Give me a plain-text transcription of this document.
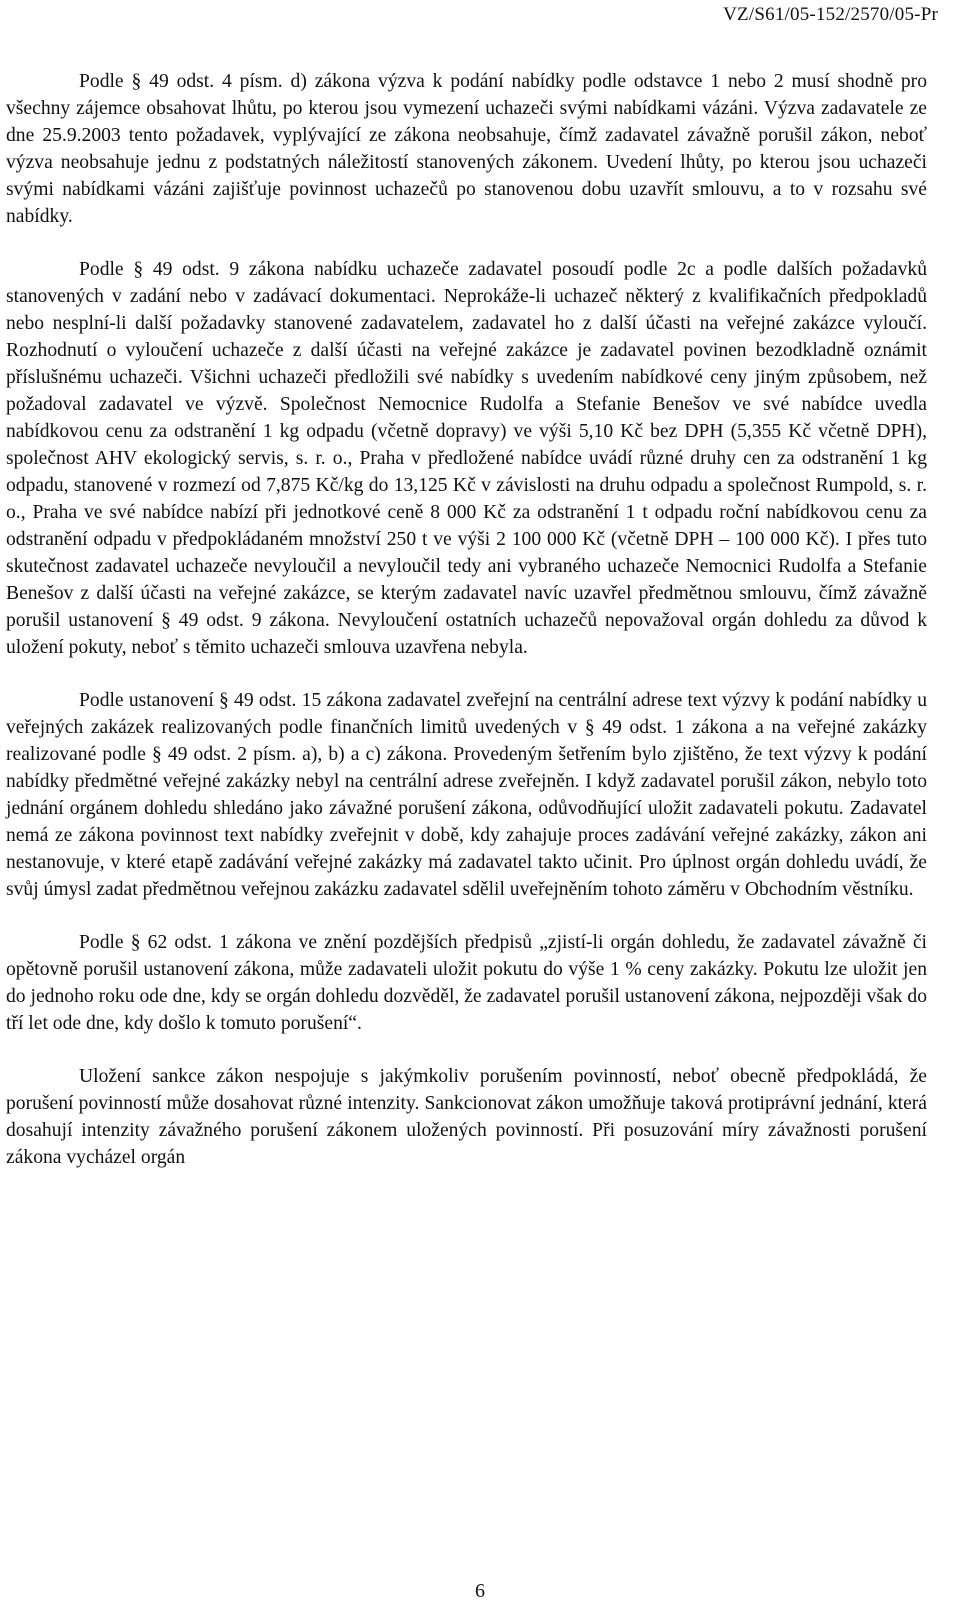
VZ/S61/05-152/2570/05-Pr

Podle § 49 odst. 4 písm. d) zákona výzva k podání nabídky podle odstavce 1 nebo 2 musí shodně pro všechny zájemce obsahovat lhůtu, po kterou jsou vymezení uchazeči svými nabídkami vázáni. Výzva zadavatele ze dne 25.9.2003 tento požadavek, vyplývající ze zákona neobsahuje, čímž zadavatel závažně porušil zákon, neboť výzva neobsahuje jednu z podstatných náležitostí stanovených zákonem. Uvedení lhůty, po kterou jsou uchazeči svými nabídkami vázáni zajišťuje povinnost uchazečů po stanovenou dobu uzavřít smlouvu, a to v rozsahu své nabídky.

Podle § 49 odst. 9 zákona nabídku uchazeče zadavatel posoudí podle 2c a podle dalších požadavků stanovených v zadání nebo v zadávací dokumentaci. Neprokáže-li uchazeč některý z kvalifikačních předpokladů nebo nesplní-li další požadavky stanovené zadavatelem, zadavatel ho z další účasti na veřejné zakázce vyloučí. Rozhodnutí o vyloučení uchazeče z další účasti na veřejné zakázce je zadavatel povinen bezodkladně oznámit příslušnému uchazeči. Všichni uchazeči předložili své nabídky s uvedením nabídkové ceny jiným způsobem, než požadoval zadavatel ve výzvě. Společnost Nemocnice Rudolfa a Stefanie Benešov ve své nabídce uvedla nabídkovou cenu za odstranění 1 kg odpadu (včetně dopravy) ve výši 5,10 Kč bez DPH (5,355 Kč včetně DPH), společnost AHV ekologický servis, s. r. o., Praha v předložené nabídce uvádí různé druhy cen za odstranění 1 kg odpadu, stanovené v rozmezí od 7,875 Kč/kg do 13,125 Kč v závislosti na druhu odpadu a společnost Rumpold, s. r. o., Praha ve své nabídce nabízí při jednotkové ceně 8 000 Kč za odstranění 1 t odpadu roční nabídkovou cenu za odstranění odpadu v předpokládaném množství 250 t ve výši 2 100 000 Kč (včetně DPH – 100 000 Kč). I přes tuto skutečnost zadavatel uchazeče nevyloučil a nevyloučil tedy ani vybraného uchazeče Nemocnici Rudolfa a Stefanie Benešov z další účasti na veřejné zakázce, se kterým zadavatel navíc uzavřel předmětnou smlouvu, čímž závažně porušil ustanovení § 49 odst. 9 zákona. Nevyloučení ostatních uchazečů nepovažoval orgán dohledu za důvod k uložení pokuty, neboť s těmito uchazeči smlouva uzavřena nebyla.

Podle ustanovení § 49 odst. 15 zákona zadavatel zveřejní na centrální adrese text výzvy k podání nabídky u veřejných zakázek realizovaných podle finančních limitů uvedených v § 49 odst. 1 zákona a na veřejné zakázky realizované podle § 49 odst. 2 písm. a), b) a c) zákona. Provedeným šetřením bylo zjištěno, že text výzvy k podání nabídky předmětné veřejné zakázky nebyl na centrální adrese zveřejněn. I když zadavatel porušil zákon, nebylo toto jednání orgánem dohledu shledáno jako závažné porušení zákona, odůvodňující uložit zadavateli pokutu. Zadavatel nemá ze zákona povinnost text nabídky zveřejnit v době, kdy zahajuje proces zadávání veřejné zakázky, zákon ani nestanovuje, v které etapě zadávání veřejné zakázky má zadavatel takto učinit. Pro úplnost orgán dohledu uvádí, že svůj úmysl zadat předmětnou veřejnou zakázku zadavatel sdělil uveřejněním tohoto záměru v Obchodním věstníku.

Podle § 62 odst. 1 zákona ve znění pozdějších předpisů „zjistí-li orgán dohledu, že zadavatel závažně či opětovně porušil ustanovení zákona, může zadavateli uložit pokutu do výše 1 % ceny zakázky. Pokutu lze uložit jen do jednoho roku ode dne, kdy se orgán dohledu dozvěděl, že zadavatel porušil ustanovení zákona, nejpozději však do tří let ode dne, kdy došlo k tomuto porušení“.

Uložení sankce zákon nespojuje s jakýmkoliv porušením povinností, neboť obecně předpokládá, že porušení povinností může dosahovat různé intenzity. Sankcionovat zákon umožňuje taková protiprávní jednání, která dosahují intenzity závažného porušení zákonem uložených povinností. Při posuzování míry závažnosti porušení zákona vycházel orgán

6
